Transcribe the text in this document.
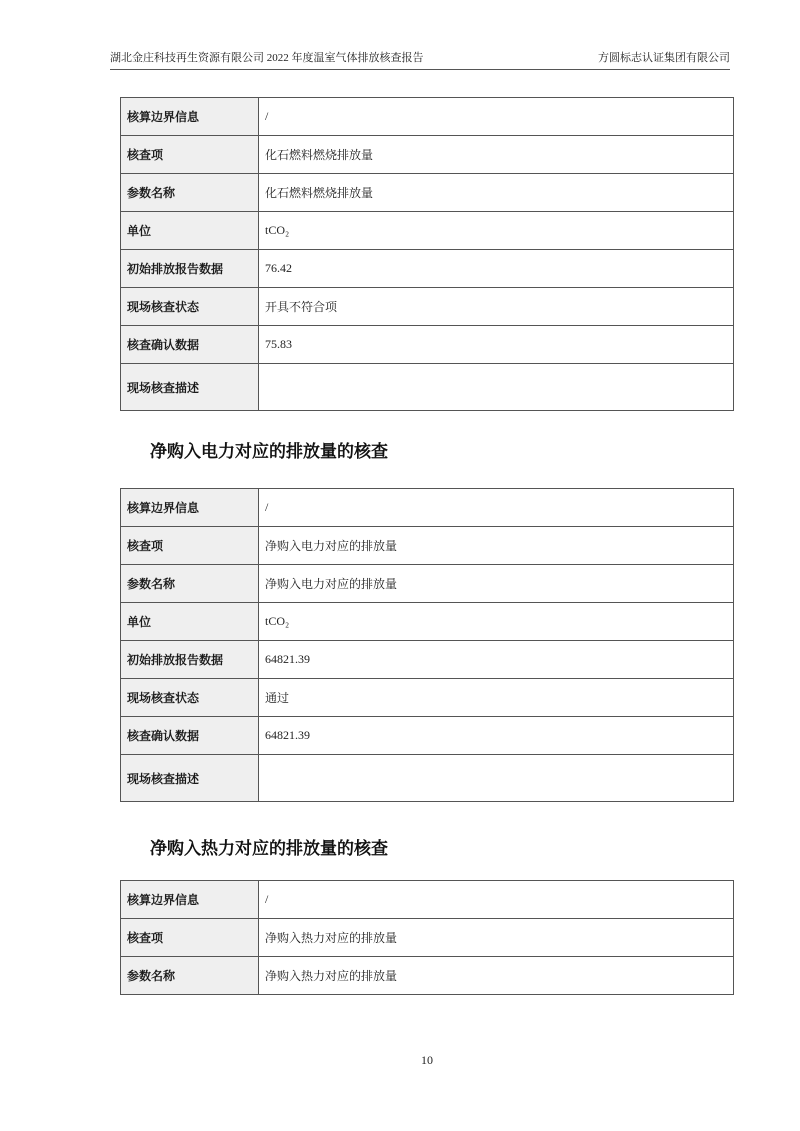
湖北金庄科技再生资源有限公司 2022 年度温室气体排放核查报告	方圆标志认证集团有限公司
核算边界信息	/
核查项	化石燃料燃烧排放量
参数名称	化石燃料燃烧排放量
单位	tCO₂
初始排放报告数据	76.42
现场核查状态	开具不符合项
核查确认数据	75.83
现场核查描述	
净购入电力对应的排放量的核查
核算边界信息	/
核查项	净购入电力对应的排放量
参数名称	净购入电力对应的排放量
单位	tCO₂
初始排放报告数据	64821.39
现场核查状态	通过
核查确认数据	64821.39
现场核查描述	
净购入热力对应的排放量的核查
核算边界信息	/
核查项	净购入热力对应的排放量
参数名称	净购入热力对应的排放量
10
